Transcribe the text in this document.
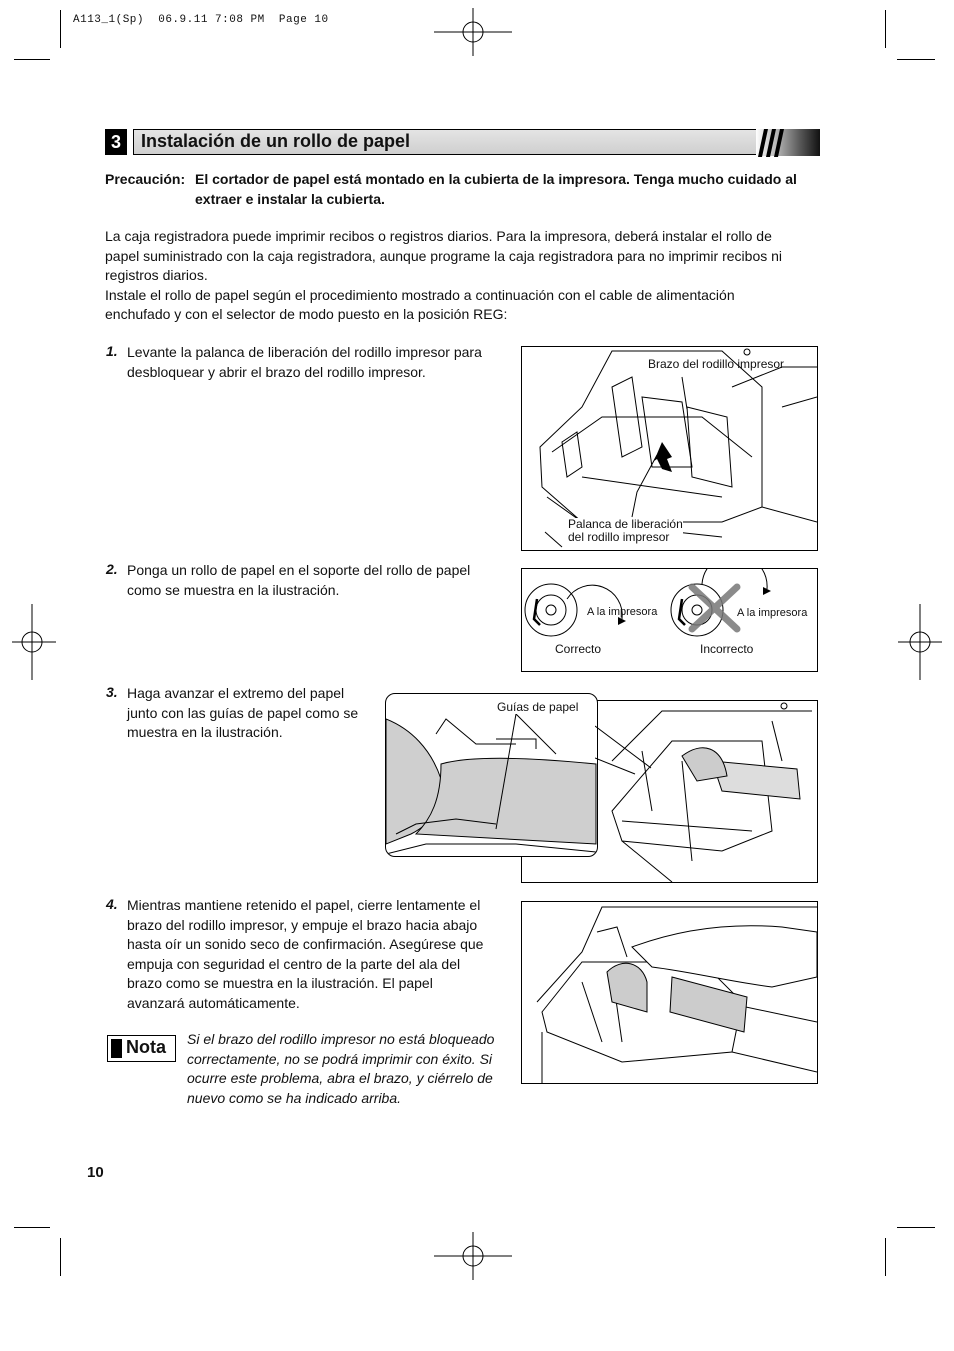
A113_1(Sp)  06.9.11 7:08 PM  Page 10
3	Instalación de un rollo de papel
Precaución: El cortador de papel está montado en la cubierta de la impresora. Tenga mucho cuidado al
extraer e instalar la cubierta.
La caja registradora puede imprimir recibos o registros diarios. Para la impresora, deberá instalar el rollo de
papel suministrado con la caja registradora, aunque programe la caja registradora para no imprimir recibos ni
registros diarios.
Instale el rollo de papel según el procedimiento mostrado a continuación con el cable de alimentación
enchufado y con el selector de modo puesto en la posición REG:
1. Levante la palanca de liberación del rodillo impresor para
desbloquear y abrir el brazo del rodillo impresor.	Brazo del rodillo impresor
Palanca de liberación
del rodillo impresor
2. Ponga un rollo de papel en el soporte del rollo de papel
como se muestra en la ilustración.
A la impresora	A la impresora
Correcto	Incorrecto
3. Haga avanzar el extremo del papel
junto con las guías de papel como se
muestra en la ilustración.
Guías de papel
4. Mientras mantiene retenido el papel, cierre lentamente el
brazo del rodillo impresor, y empuje el brazo hacia abajo
hasta oír un sonido seco de confirmación. Asegúrese que
empuja con seguridad el centro de la parte del ala del
brazo como se muestra en la ilustración. El papel
avanzará automáticamente.
Nota Si el brazo del rodillo impresor no está bloqueado
correctamente, no se podrá imprimir con éxito. Si
ocurre este problema, abra el brazo, y ciérrelo de
nuevo como se ha indicado arriba.
10
